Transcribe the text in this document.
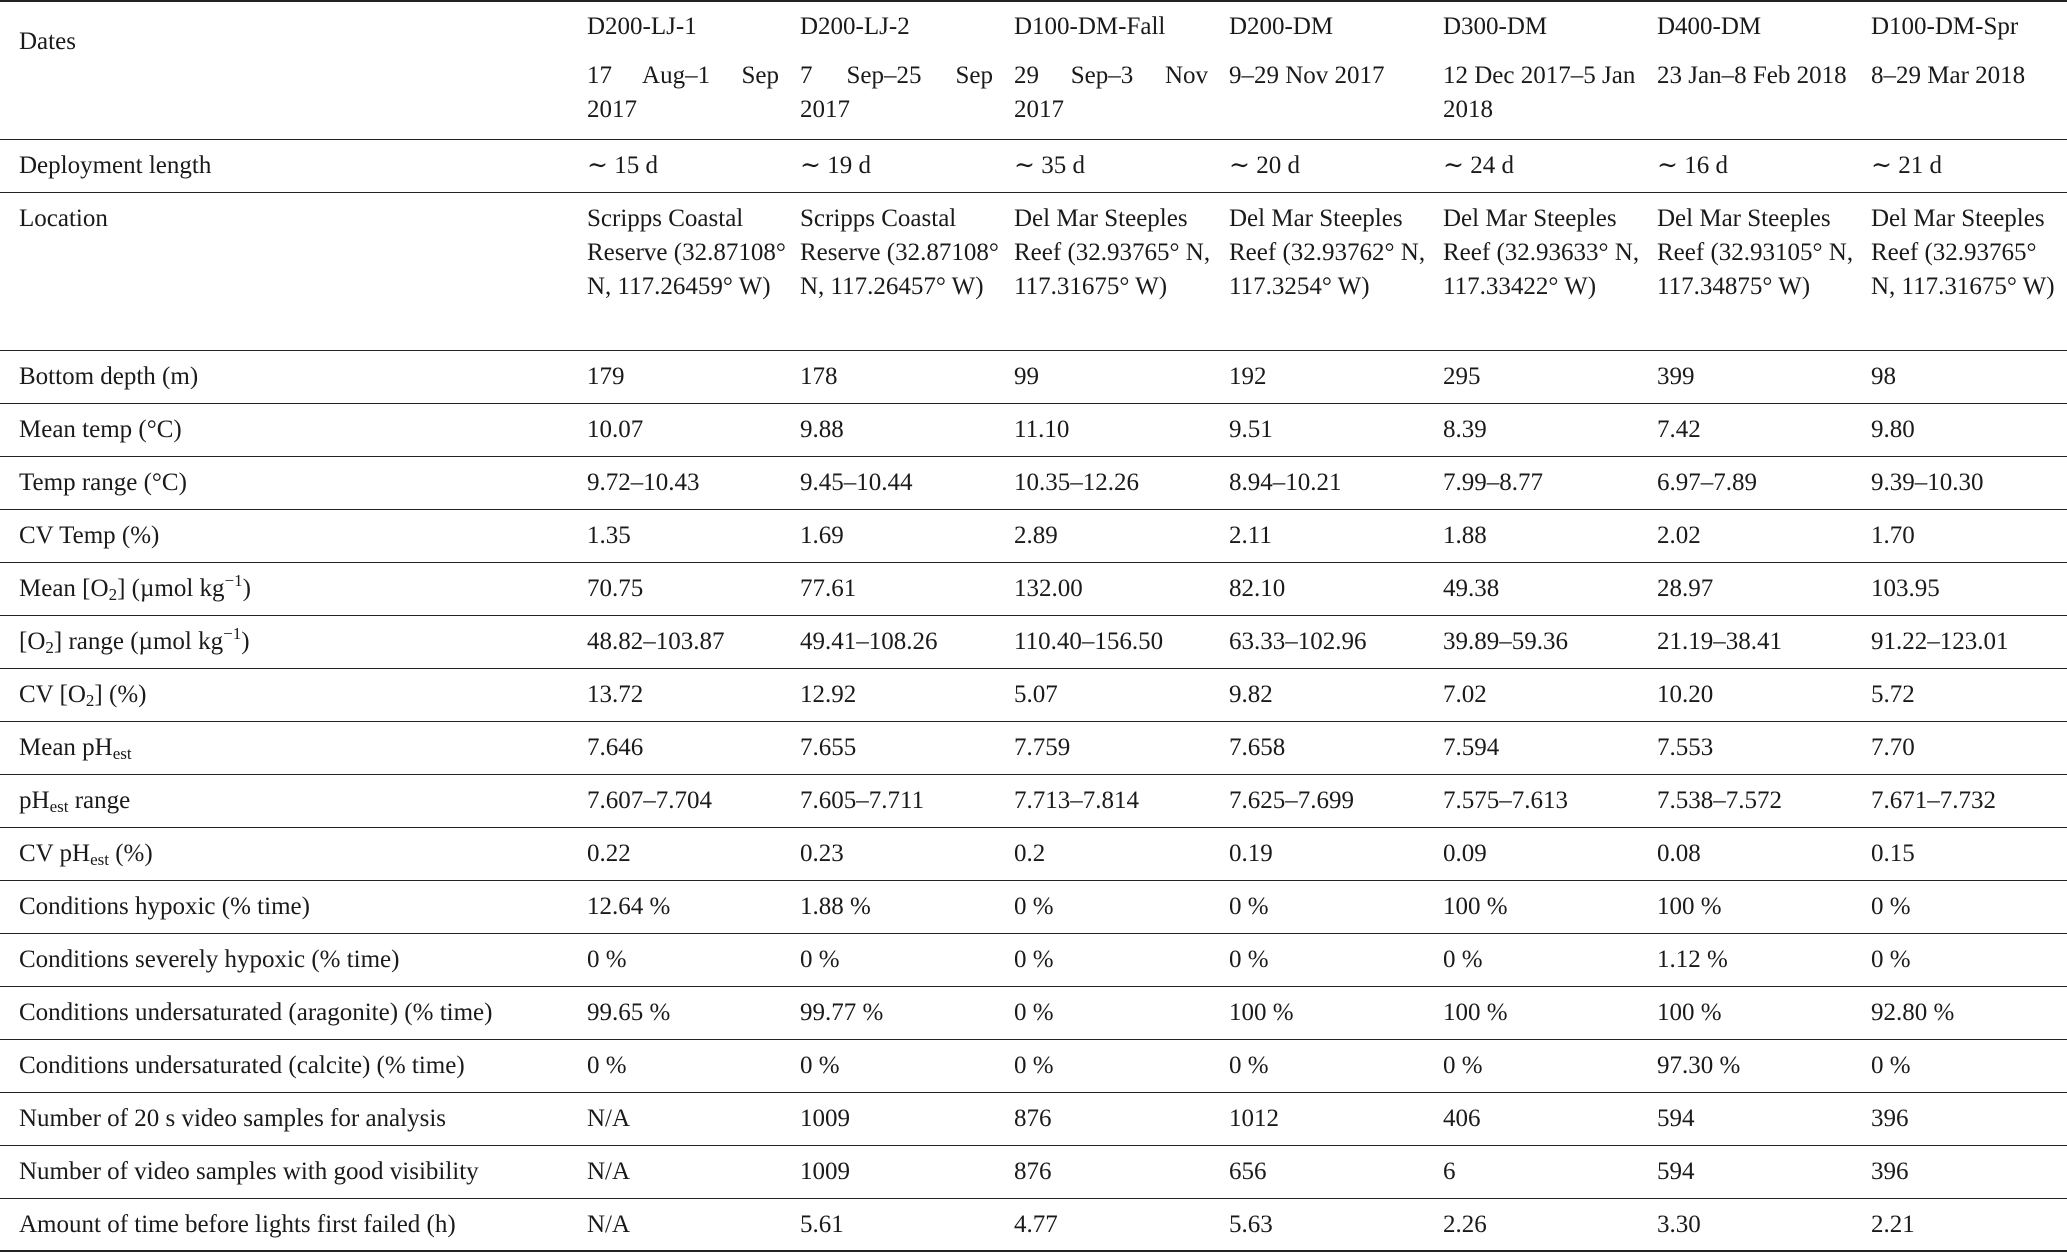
	D200-LJ-1	D200-LJ-2	D100-DM-Fall	D200-DM	D300-DM	D400-DM	D100-DM-Spr
Dates	17 Aug–1 Sep 2017	7 Sep–25 Sep 2017	29 Sep–3 Nov 2017	9–29 Nov 2017	12 Dec 2017–5 Jan 2018	23 Jan–8 Feb 2018	8–29 Mar 2018
Deployment length	∼ 15 d	∼ 19 d	∼ 35 d	∼ 20 d	∼ 24 d	∼ 16 d	∼ 21 d
Location	Scripps Coastal Reserve (32.87108° N, 117.26459° W)	Scripps Coastal Reserve (32.87108° N, 117.26457° W)	Del Mar Steeples Reef (32.93765° N, 117.31675° W)	Del Mar Steeples Reef (32.93762° N, 117.3254° W)	Del Mar Steeples Reef (32.93633° N, 117.33422° W)	Del Mar Steeples Reef (32.93105° N, 117.34875° W)	Del Mar Steeples Reef (32.93765° N, 117.31675° W)
Bottom depth (m)	179	178	99	192	295	399	98
Mean temp (°C)	10.07	9.88	11.10	9.51	8.39	7.42	9.80
Temp range (°C)	9.72–10.43	9.45–10.44	10.35–12.26	8.94–10.21	7.99–8.77	6.97–7.89	9.39–10.30
CV Temp (%)	1.35	1.69	2.89	2.11	1.88	2.02	1.70
Mean $[O_2]$ (µmol $kg^{-1}$)	70.75	77.61	132.00	82.10	49.38	28.97	103.95
$[O_2]$ range (µmol $kg^{-1}$)	48.82–103.87	49.41–108.26	110.40–156.50	63.33–102.96	39.89–59.36	21.19–38.41	91.22–123.01
CV $[O_2]$ (%)	13.72	12.92	5.07	9.82	7.02	10.20	5.72
Mean $pH_{est}$	7.646	7.655	7.759	7.658	7.594	7.553	7.70
$pH_{est}$ range	7.607–7.704	7.605–7.711	7.713–7.814	7.625–7.699	7.575–7.613	7.538–7.572	7.671–7.732
CV $pH_{est}$ (%)	0.22	0.23	0.2	0.19	0.09	0.08	0.15
Conditions hypoxic (% time)	12.64 %	1.88 %	0 %	0 %	100 %	100 %	0 %
Conditions severely hypoxic (% time)	0 %	0 %	0 %	0 %	0 %	1.12 %	0 %
Conditions undersaturated (aragonite) (% time)	99.65 %	99.77 %	0 %	100 %	100 %	100 %	92.80 %
Conditions undersaturated (calcite) (% time)	0 %	0 %	0 %	0 %	0 %	97.30 %	0 %
Number of 20 s video samples for analysis	N/A	1009	876	1012	406	594	396
Number of video samples with good visibility	N/A	1009	876	656	6	594	396
Amount of time before lights first failed (h)	N/A	5.61	4.77	5.63	2.26	3.30	2.21
